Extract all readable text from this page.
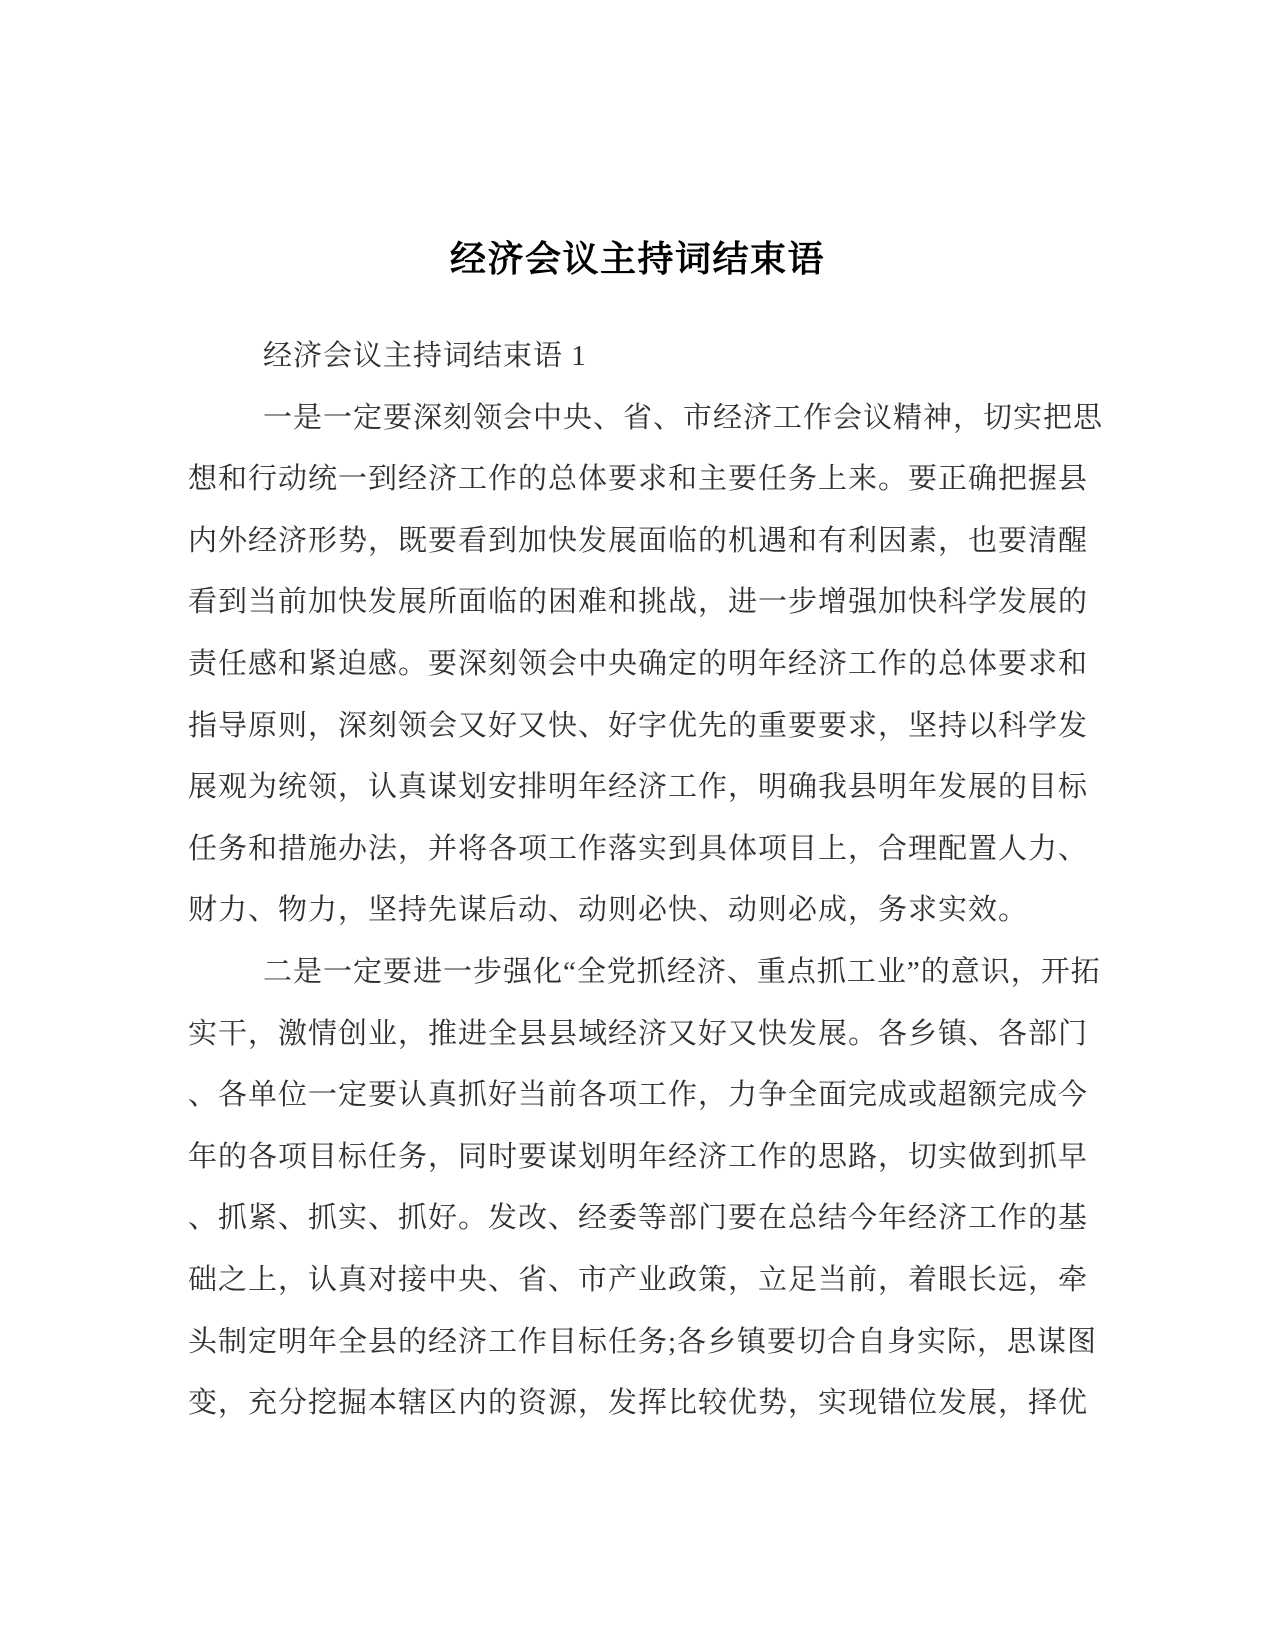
经济会议主持词结束语
经济会议主持词结束语 1
一是一定要深刻领会中央、省、市经济工作会议精神，切实把思
想和行动统一到经济工作的总体要求和主要任务上来。要正确把握县
内外经济形势，既要看到加快发展面临的机遇和有利因素，也要清醒
看到当前加快发展所面临的困难和挑战，进一步增强加快科学发展的
责任感和紧迫感。要深刻领会中央确定的明年经济工作的总体要求和
指导原则，深刻领会又好又快、好字优先的重要要求，坚持以科学发
展观为统领，认真谋划安排明年经济工作，明确我县明年发展的目标
任务和措施办法，并将各项工作落实到具体项目上，合理配置人力、
财力、物力，坚持先谋后动、动则必快、动则必成，务求实效。
二是一定要进一步强化“全党抓经济、重点抓工业”的意识，开拓
实干，激情创业，推进全县县域经济又好又快发展。各乡镇、各部门
、各单位一定要认真抓好当前各项工作，力争全面完成或超额完成今
年的各项目标任务，同时要谋划明年经济工作的思路，切实做到抓早
、抓紧、抓实、抓好。发改、经委等部门要在总结今年经济工作的基
础之上，认真对接中央、省、市产业政策，立足当前，着眼长远，牵
头制定明年全县的经济工作目标任务;各乡镇要切合自身实际，思谋图
变，充分挖掘本辖区内的资源，发挥比较优势，实现错位发展，择优
